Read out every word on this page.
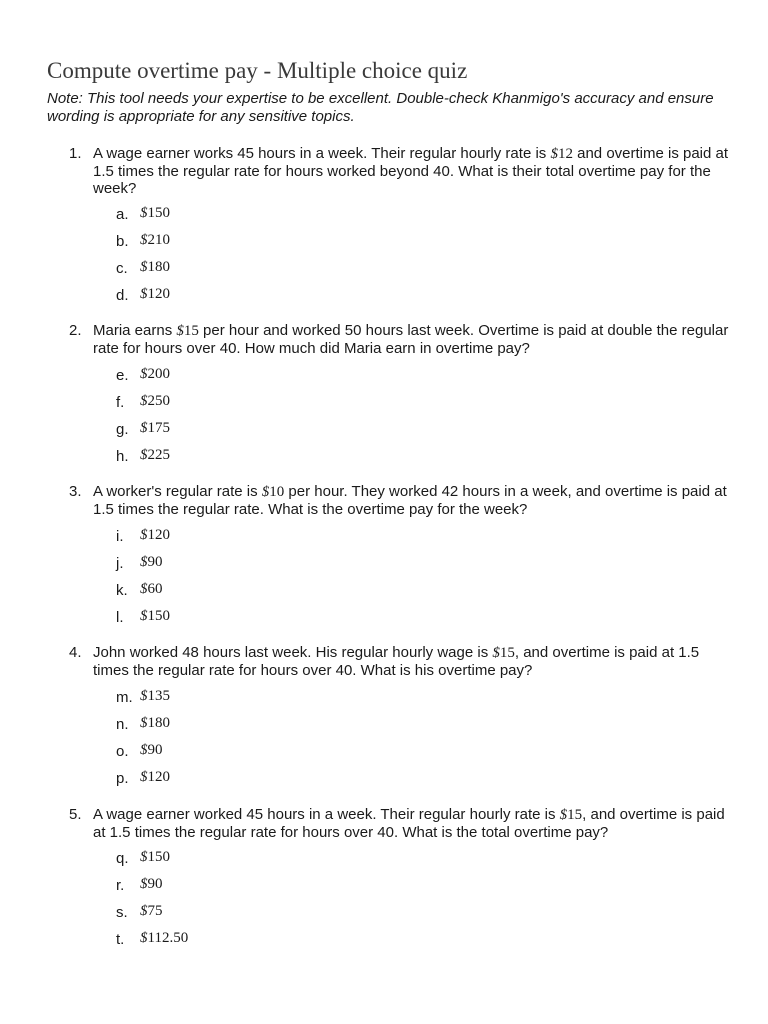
Compute overtime pay - Multiple choice quiz

Note: This tool needs your expertise to be excellent. Double-check Khanmigo's accuracy and ensure wording is appropriate for any sensitive topics.

1. A wage earner works 45 hours in a week. Their regular hourly rate is $12 and overtime is paid at 1.5 times the regular rate for hours worked beyond 40. What is their total overtime pay for the week?

a. $150
b. $210
c. $180
d. $120
2. Maria earns $15 per hour and worked 50 hours last week. Overtime is paid at double the regular rate for hours over 40. How much did Maria earn in overtime pay?

e. $200
f. $250
g. $175
h. $225
3. A worker's regular rate is $10 per hour. They worked 42 hours in a week, and overtime is paid at 1.5 times the regular rate. What is the overtime pay for the week?

i. $120
j. $90
k. $60
l. $150
4. John worked 48 hours last week. His regular hourly wage is $15, and overtime is paid at 1.5 times the regular rate for hours over 40. What is his overtime pay?

m. $135
n. $180
o. $90
p. $120
5. A wage earner worked 45 hours in a week. Their regular hourly rate is $15, and overtime is paid at 1.5 times the regular rate for hours over 40. What is the total overtime pay?

q. $150
r. $90
s. $75
t. $112.50
